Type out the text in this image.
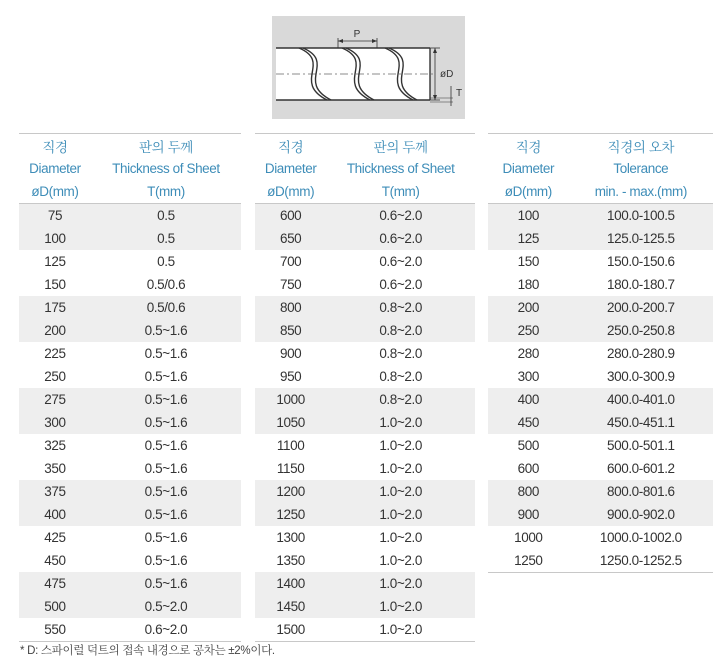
P
øD
T
직경	판의 두께
Diameter	Thickness of Sheet
øD(mm)	T(mm)
75	0.5
100	0.5
125	0.5
150	0.5/0.6
175	0.5/0.6
200	0.5~1.6
225	0.5~1.6
250	0.5~1.6
275	0.5~1.6
300	0.5~1.6
325	0.5~1.6
350	0.5~1.6
375	0.5~1.6
400	0.5~1.6
425	0.5~1.6
450	0.5~1.6
475	0.5~1.6
500	0.5~2.0
550	0.6~2.0
직경	판의 두께
Diameter	Thickness of Sheet
øD(mm)	T(mm)
600	0.6~2.0
650	0.6~2.0
700	0.6~2.0
750	0.6~2.0
800	0.8~2.0
850	0.8~2.0
900	0.8~2.0
950	0.8~2.0
1000	0.8~2.0
1050	1.0~2.0
1100	1.0~2.0
1150	1.0~2.0
1200	1.0~2.0
1250	1.0~2.0
1300	1.0~2.0
1350	1.0~2.0
1400	1.0~2.0
1450	1.0~2.0
1500	1.0~2.0
직경	직경의 오차
Diameter	Tolerance
øD(mm)	min. - max.(mm)
100	100.0-100.5
125	125.0-125.5
150	150.0-150.6
180	180.0-180.7
200	200.0-200.7
250	250.0-250.8
280	280.0-280.9
300	300.0-300.9
400	400.0-401.0
450	450.0-451.1
500	500.0-501.1
600	600.0-601.2
800	800.0-801.6
900	900.0-902.0
1000	1000.0-1002.0
1250	1250.0-1252.5
* D: 스파이럴 덕트의 접속 내경으로 공차는 ±2%이다.
